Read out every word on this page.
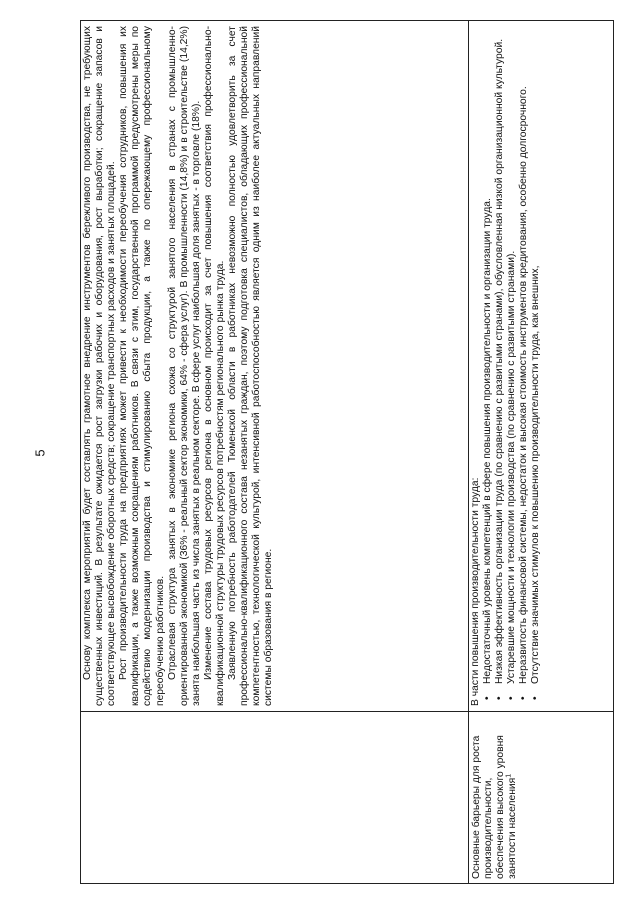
5	Основу комплекса мероприятий будет составлять грамотное внедрение инструментов бережливого производства, не требующих существенных инвестиций. В результате ожидается рост загрузки рабочих и оборудования, рост выработки; сокращение запасов и соответствующее высвобождение оборотных средств; сокращение транспортных расходов и занятых площадей. Рост производительности труда на предприятиях может привести к необходимости переобучения сотрудников, повышения их квалификации, а также возможным сокращениям работников. В связи с этим, государственной программой предусмотрены меры по содействию модернизации производства и стимулированию сбыта продукции, а также по опережающему профессиональному переобучению работников. Отраслевая структура занятых в экономике региона схожа со структурой занятого населения в странах с промышленно-ориентированной экономикой (36% - реальный сектор экономики, 64% - сфера услуг). В промышленности (14,8%) и в строительстве (14,2%) занята наибольшая часть из числа занятых в реальном секторе. В сфере услуг наибольшая доля занятых - в торговле (18%). Изменение состава трудовых ресурсов региона в основном происходит за счет повышения соответствия профессионально-квалификационной структуры трудовых ресурсов потребностям регионального рынка труда. Заявленную потребность работодателей Тюменской области в работниках невозможно полностью удовлетворить за счет профессионально-квалификационного состава незанятых граждан, поэтому подготовка специалистов, обладающих профессиональной компетентностью, технологической культурой, интенсивной работоспособностью является одним из наиболее актуальных направлений системы образования в регионе.

Основные барьеры для роста производительности, обеспечения высокого уровня занятости населения$^1$

В части повышения производительности труда: •
Недостаточный уровень компетенций в сфере повышения производительности и организации труда.
•
Низкая эффективность организации труда (по сравнению с развитыми странами), обусловленная низкой организационной культурой.
•
Устаревшие мощности и технологии производства (по сравнению с развитыми странами).
•
Неразвитость финансовой системы, недостаток и высокая стоимость инструментов кредитования, особенно долгосрочного.
•
Отсутствие значимых стимулов к повышению производительности труда, как внешних,
